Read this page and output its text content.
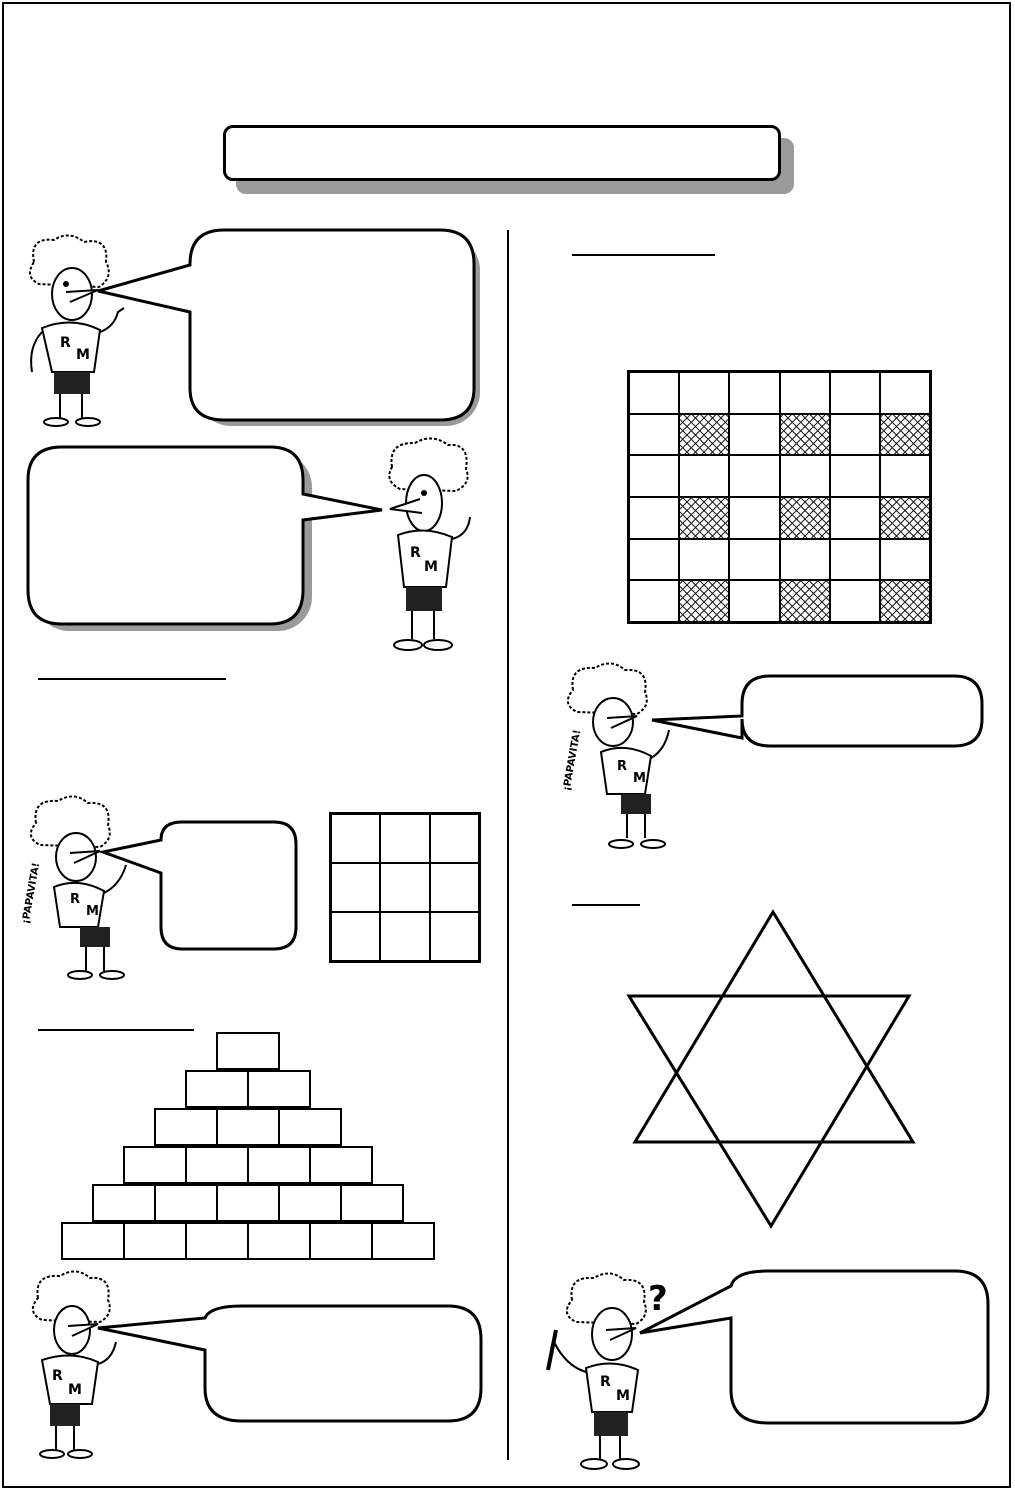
R
M
R
M
¡PAPAVITA! R
M
R
M
¡PAPAVITA!	R
M
?
R
M
